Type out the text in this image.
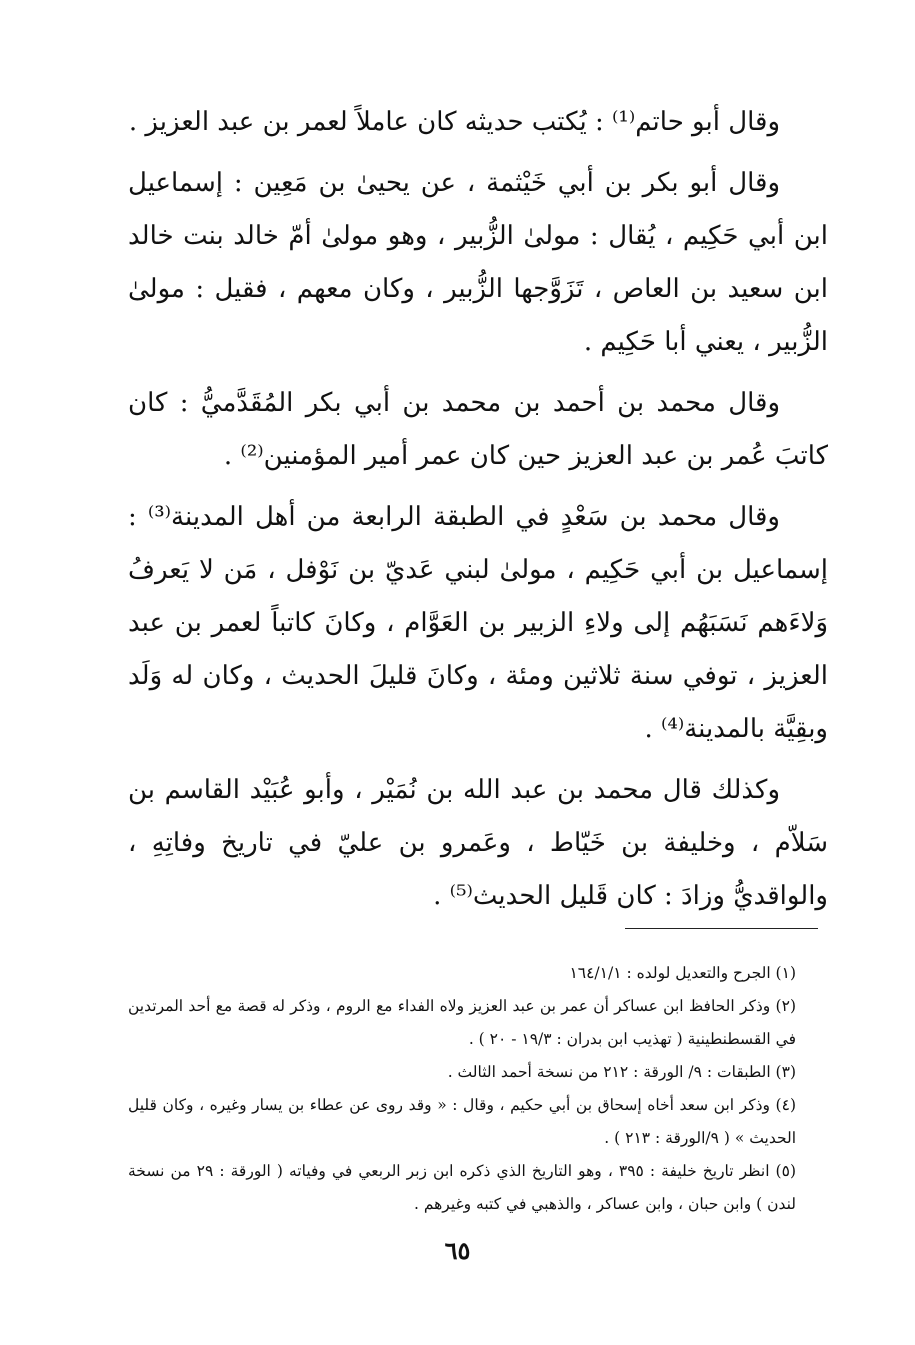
وقال أبو حاتم⁽¹⁾ : يُكتب حديثه كان عاملاً لعمر بن عبد العزيز .

وقال أبو بكر بن أبي خَيْثمة ، عن يحيىٰ بن مَعِين : إسماعيل ابن أبي حَكِيم ، يُقال : مولىٰ الزُّبير ، وهو مولىٰ أمّ خالد بنت خالد ابن سعيد بن العاص ، تَزَوَّجها الزُّبير ، وكان معهم ، فقيل : مولىٰ الزُّبير ، يعني أبا حَكِيم .

وقال محمد بن أحمد بن محمد بن أبي بكر المُقَدَّميُّ : كان كاتبَ عُمر بن عبد العزيز حين كان عمر أمير المؤمنين⁽²⁾ .

وقال محمد بن سَعْدٍ في الطبقة الرابعة من أهل المدينة⁽³⁾ : إسماعيل بن أبي حَكِيم ، مولىٰ لبني عَديّ بن نَوْفل ، مَن لا يَعرفُ وَلاءَهم نَسَبَهُم إلى ولاءِ الزبير بن العَوَّام ، وكانَ كاتباً لعمر بن عبد العزيز ، توفي سنة ثلاثين ومئة ، وكانَ قليلَ الحديث ، وكان له وَلَد وبقِيَّة بالمدينة⁽⁴⁾ .

وكذلك قال محمد بن عبد الله بن نُمَيْر ، وأبو عُبَيْد القاسم بن سَلاّم ، وخليفة بن خَيّاط ، وعَمرو بن عليّ في تاريخ وفاتِهِ ، والواقديُّ وزادَ : كان قَليل الحديث⁽⁵⁾ .

(١) الجرح والتعديل لولده : ١٦٤/١/١

(٢) وذكر الحافظ ابن عساكر أن عمر بن عبد العزيز ولاه الفداء مع الروم ، وذكر له قصة مع أحد المرتدين في القسطنطينية ( تهذيب ابن بدران : ١٩/٣ - ٢٠ ) .

(٣) الطبقات : ٩/ الورقة : ٢١٢ من نسخة أحمد الثالث .

(٤) وذكر ابن سعد أخاه إسحاق بن أبي حكيم ، وقال : « وقد روى عن عطاء بن يسار وغيره ، وكان قليل الحديث » ( ٩/الورقة : ٢١٣ ) .

(٥) انظر تاريخ خليفة : ٣٩٥ ، وهو التاريخ الذي ذكره ابن زبر الربعي في وفياته ( الورقة : ٢٩ من نسخة لندن ) وابن حبان ، وابن عساكر ، والذهبي في كتبه وغيرهم .

٦٥
